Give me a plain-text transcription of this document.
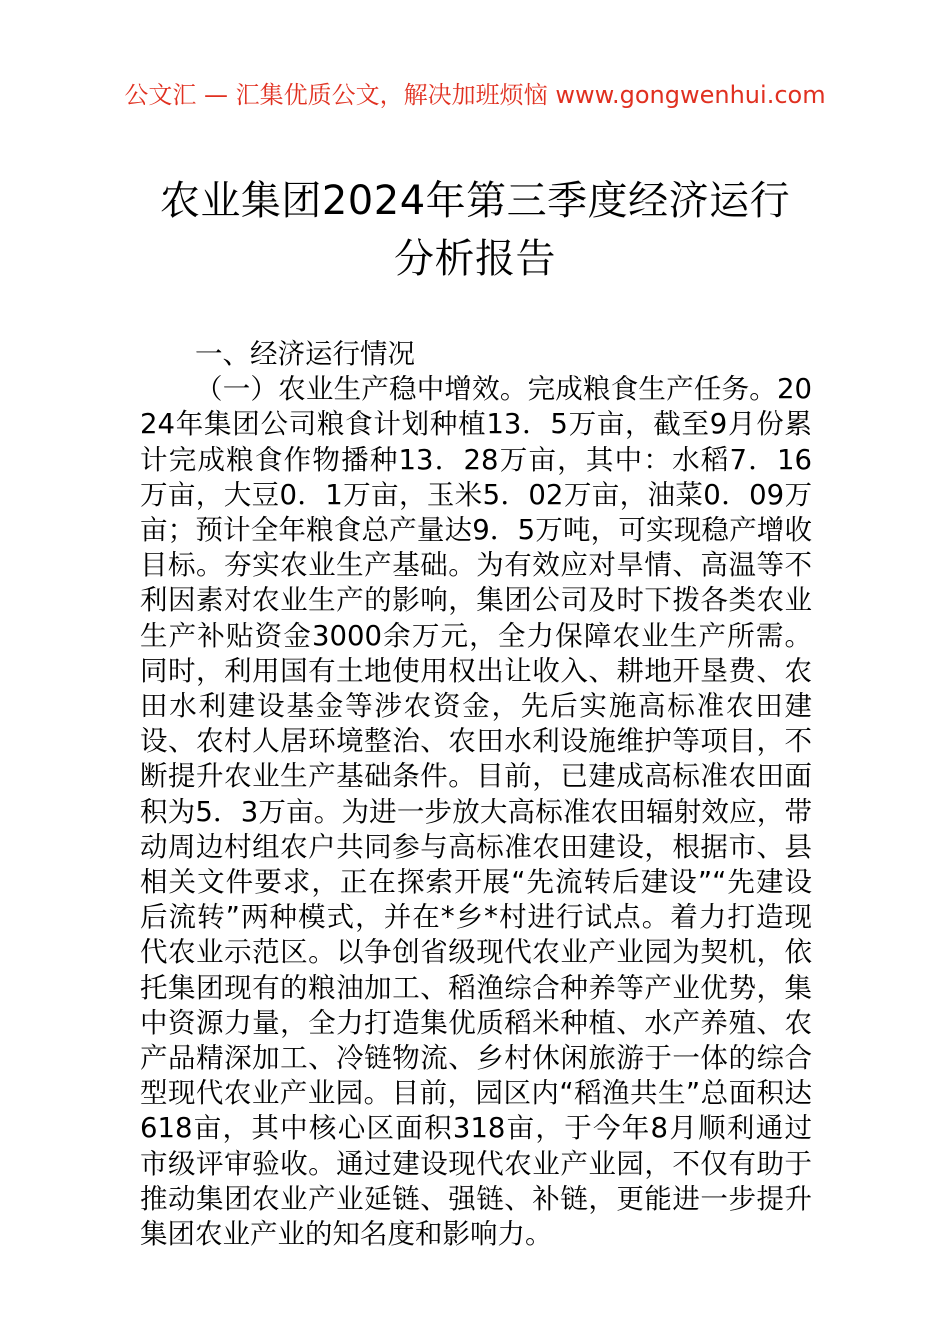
公文汇 — 汇集优质公文，解决加班烦恼 www.gongwenhui.com
农业集团2024年第三季度经济运行分析报告

一、经济运行情况

（一）农业生产稳中增效。完成粮食生产任务。2024年集团公司粮食计划种植13．5万亩，截至9月份累计完成粮食作物播种13．28万亩，其中：水稻7．16万亩，大豆0．1万亩，玉米5．02万亩，油菜0．09万亩；预计全年粮食总产量达9．5万吨，可实现稳产增收目标。夯实农业生产基础。为有效应对旱情、高温等不利因素对农业生产的影响，集团公司及时下拨各类农业生产补贴资金3000余万元，全力保障农业生产所需。同时，利用国有土地使用权出让收入、耕地开垦费、农田水利建设基金等涉农资金，先后实施高标准农田建设、农村人居环境整治、农田水利设施维护等项目，不断提升农业生产基础条件。目前，已建成高标准农田面积为5．3万亩。为进一步放大高标准农田辐射效应，带动周边村组农户共同参与高标准农田建设，根据市、县相关文件要求，正在探索开展“先流转后建设”“先建设后流转”两种模式，并在*乡*村进行试点。着力打造现代农业示范区。以争创省级现代农业产业园为契机，依托集团现有的粮油加工、稻渔综合种养等产业优势，集中资源力量，全力打造集优质稻米种植、水产养殖、农产品精深加工、冷链物流、乡村休闲旅游于一体的综合型现代农业产业园。目前，园区内“稻渔共生”总面积达618亩，其中核心区面积318亩，于今年8月顺利通过市级评审验收。通过建设现代农业产业园，不仅有助于推动集团农业产业延链、强链、补链，更能进一步提升集团农业产业的知名度和影响力。
